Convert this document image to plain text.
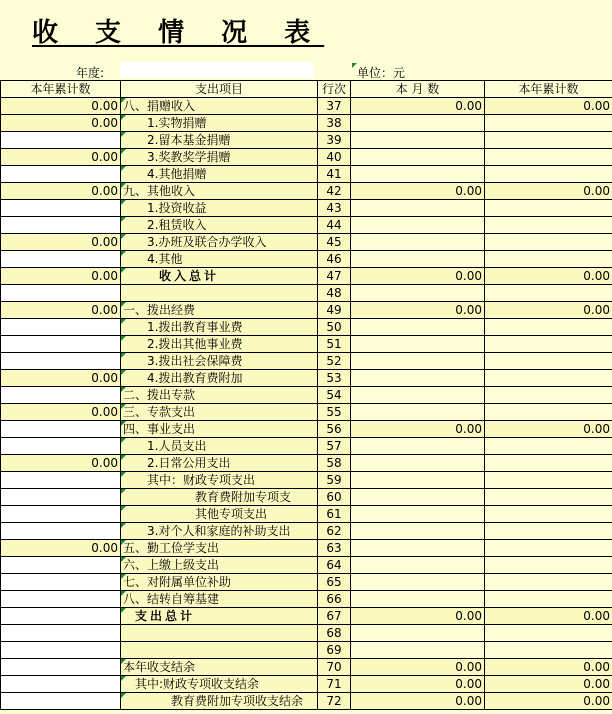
收 支 情 况 表
年度:	单位：元
本年累计数	支出项目	行次	本 月 数	本年累计数
0.00	八、捐赠收入	37	0.00	0.00
0.00	1.实物捐赠	38		
	2.留本基金捐赠	39		
0.00	3.奖教奖学捐赠	40		
	4.其他捐赠	41		
0.00	九、其他收入	42	0.00	0.00
	1.投资收益	43		
	2.租赁收入	44		
0.00	3.办班及联合办学收入	45		
	4.其他	46		
0.00	收入总计	47	0.00	0.00
		48		
0.00	一、拨出经费	49	0.00	0.00
	1.拨出教育事业费	50		
	2.拨出其他事业费	51		
	3.拨出社会保障费	52		
0.00	4.拨出教育费附加	53		
	二、拨出专款	54		
0.00	三、专款支出	55		
	四、事业支出	56	0.00	0.00
	1.人员支出	57		
0.00	2.日常公用支出	58		
	其中：财政专项支出	59		
	教育费附加专项支	60		
	其他专项支出	61		
	3.对个人和家庭的补助支出	62		
0.00	五、勤工俭学支出	63		
	六、上缴上级支出	64		
	七、对附属单位补助	65		
	八、结转自筹基建	66		
	支出总计	67	0.00	0.00
		68		
		69		
	本年收支结余	70	0.00	0.00
	其中:财政专项收支结余	71	0.00	0.00
	教育费附加专项收支结余	72	0.00	0.00
